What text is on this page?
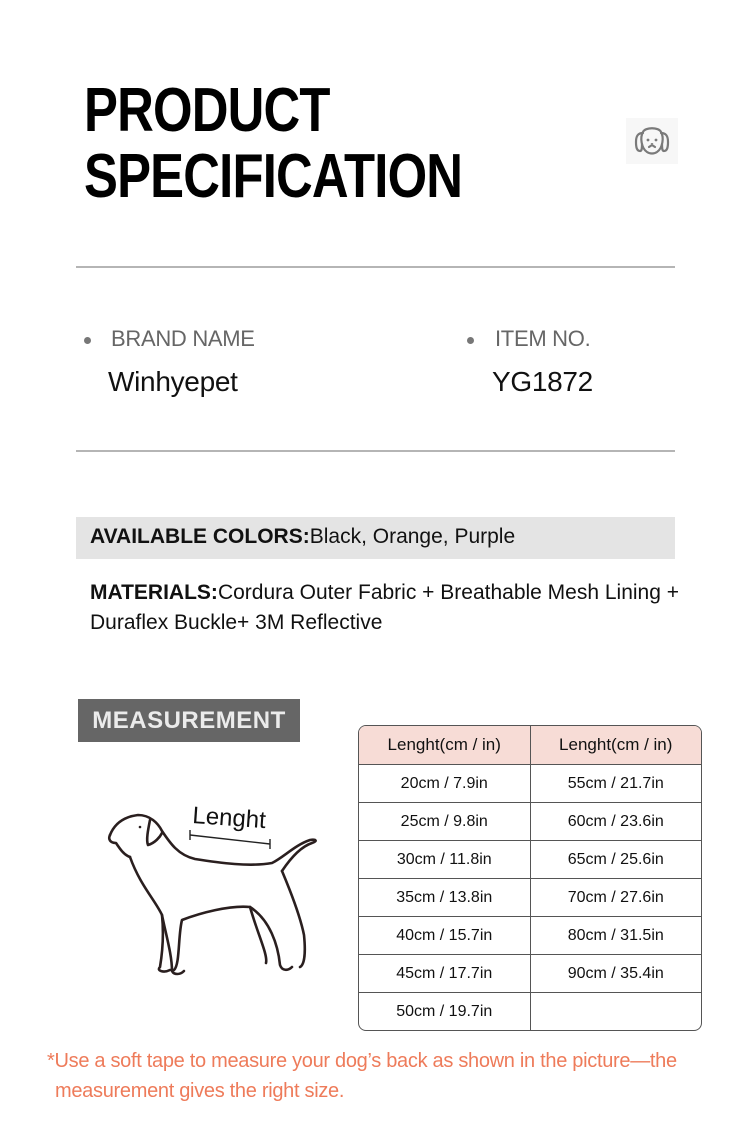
PRODUCT
SPECIFICATION
BRAND NAME
Winhyepet
ITEM NO.
YG1872
AVAILABLE COLORS:Black, Orange, Purple
MATERIALS:Cordura Outer Fabric + Breathable Mesh Lining + Duraflex Buckle+ 3M Reflective
MEASUREMENT
Lenght
Lenght(cm / in)	Lenght(cm / in)
20cm / 7.9in	55cm / 21.7in
25cm / 9.8in	60cm / 23.6in
30cm / 11.8in	65cm / 25.6in
35cm / 13.8in	70cm / 27.6in
40cm / 15.7in	80cm / 31.5in
45cm / 17.7in	90cm / 35.4in
50cm / 19.7in	
*Use a soft tape to measure your dog’s back as shown in the picture—the
measurement gives the right size.
